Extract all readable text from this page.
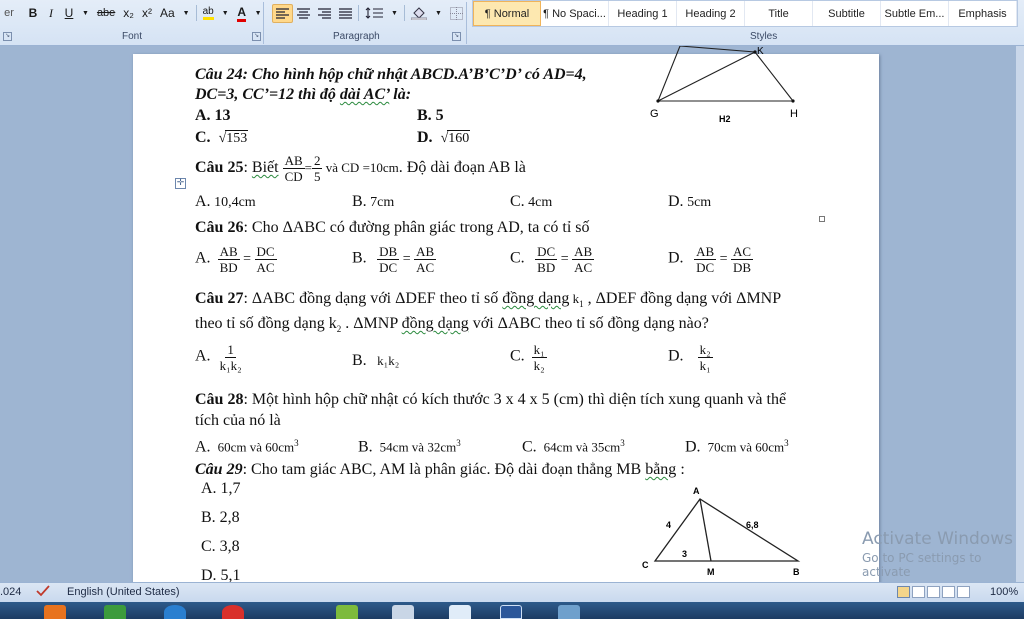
er	B I U	▼ abe x₂ x² Aa	▼	ab	▼ A	▼	▼	▼	¶ Normal	¶ No Spaci...	Heading 1	Heading 2	Title	Subtitle	Subtle Em...	Emphasis
↘	Font	↘	Paragraph	↘	Styles
K
G	H
H2
Câu 24: Cho hình hộp chữ nhật ABCD.A’B’C’D’ có AD=4,
DC=3, CC’=12 thì độ dài AC’ là:
A. 13	B. 5
C. √153	D. √160
Câu 25: Biết $\frac{AB}{CD} = \frac{2}{5}$ và CD =10cm. Độ dài đoạn AB là
✛
A. 10,4cm	B. 7cm	C. 4cm	D. 5cm
Câu 26: Cho ΔABC có đường phân giác trong AD, ta có tỉ số
A. $\frac{AB}{BD} = \frac{DC}{AC}$	B. $\frac{DB}{DC} = \frac{AB}{AC}$	C. $\frac{DC}{BD} = \frac{AB}{AC}$	D. $\frac{AB}{DC} = \frac{AC}{DB}$
Câu 27: ΔABC đồng dạng với ΔDEF theo tỉ số đồng dạng $k_1$ , ΔDEF đồng dạng với ΔMNP
theo tỉ số đồng dạng $k_2$ . ΔMNP đồng dạng với ΔABC theo tỉ số đồng dạng nào?
A. $\frac{1}{\text{k₁k₂}}$	B. k₁k₂	C. $\frac{\text{k₁}}{\text{k₂}}$	D. $\frac{\text{k₂}}{\text{k₁}}$
Câu 28: Một hình hộp chữ nhật có kích thước 3 x 4 x 5 (cm) thì diện tích xung quanh và thể
tích của nó là
A. 60cm và $60cm^3$	B. 54cm và $32cm^3$	C. 64cm và $35cm^3$	D. 70cm và $60cm^3$
Câu 29: Cho tam giác ABC, AM là phân giác. Độ dài đoạn thẳng MB bằng :
A. 1,7
B. 2,8
C. 3,8
D. 5,1
A
C
B
M
4	6,8
3
Activate Windows
Go to PC settings to activate
.024	English (United States)	100%
